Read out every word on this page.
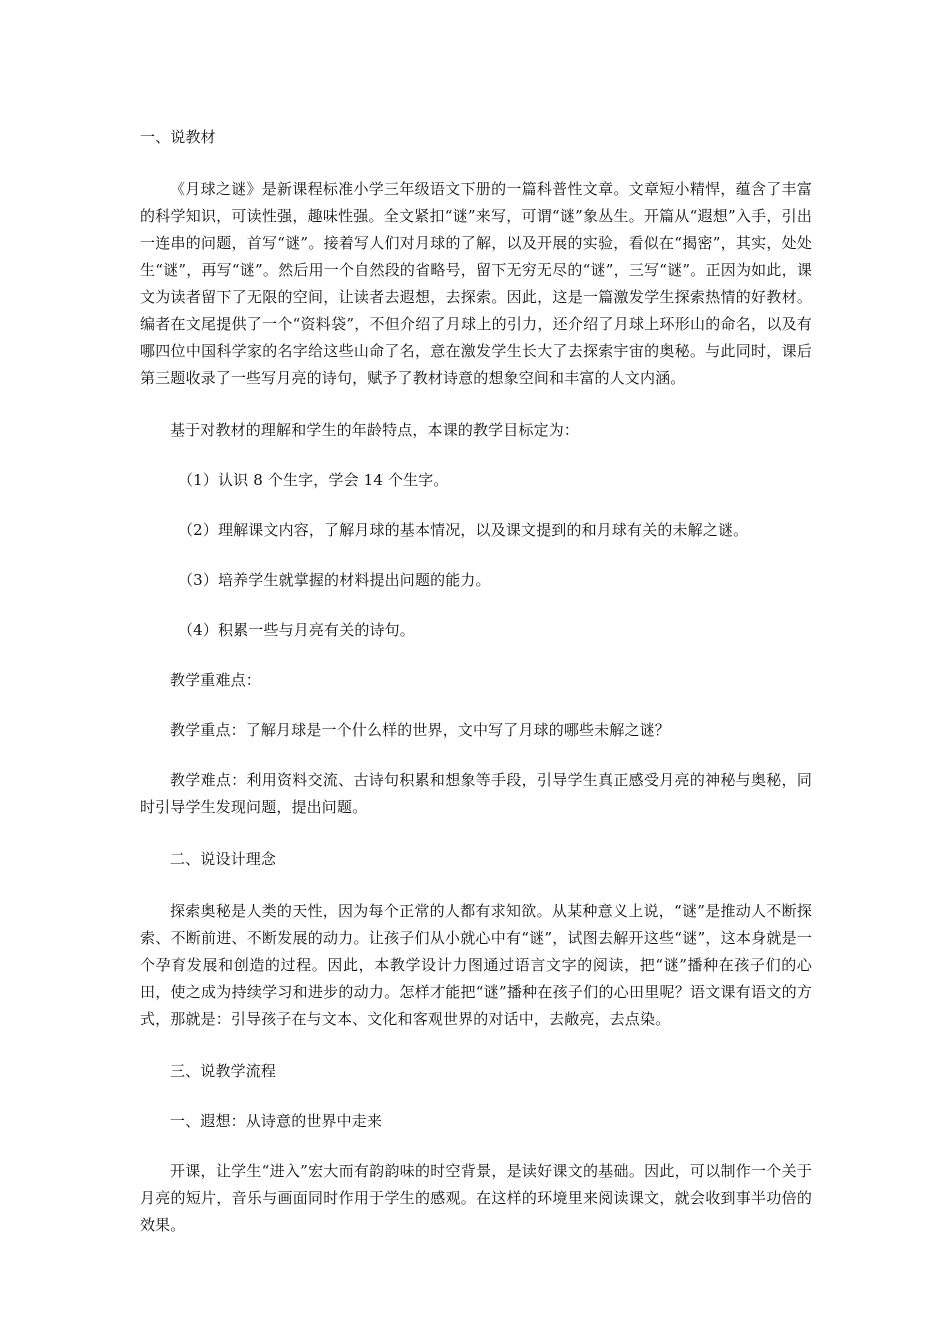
一、说教材

《月球之谜》是新课程标准小学三年级语文下册的一篇科普性文章。文章短小精悍，蕴含了丰富的科学知识，可读性强，趣味性强。全文紧扣“谜”来写，可谓“谜”象丛生。开篇从“遐想”入手，引出一连串的问题，首写“谜”。接着写人们对月球的了解，以及开展的实验，看似在“揭密”，其实，处处生“谜”，再写“谜”。然后用一个自然段的省略号，留下无穷无尽的“谜”，三写“谜”。正因为如此，课文为读者留下了无限的空间，让读者去遐想，去探索。因此，这是一篇激发学生探索热情的好教材。编者在文尾提供了一个“资料袋”，不但介绍了月球上的引力，还介绍了月球上环形山的命名，以及有哪四位中国科学家的名字给这些山命了名，意在激发学生长大了去探索宇宙的奥秘。与此同时，课后第三题收录了一些写月亮的诗句，赋予了教材诗意的想象空间和丰富的人文内涵。

基于对教材的理解和学生的年龄特点，本课的教学目标定为：

（1）认识 8 个生字，学会 14 个生字。

（2）理解课文内容，了解月球的基本情况，以及课文提到的和月球有关的未解之谜。

（3）培养学生就掌握的材料提出问题的能力。

（4）积累一些与月亮有关的诗句。

教学重难点：

教学重点：了解月球是一个什么样的世界，文中写了月球的哪些未解之谜？

教学难点：利用资料交流、古诗句积累和想象等手段，引导学生真正感受月亮的神秘与奥秘，同时引导学生发现问题，提出问题。

二、说设计理念

探索奥秘是人类的天性，因为每个正常的人都有求知欲。从某种意义上说，“谜”是推动人不断探索、不断前进、不断发展的动力。让孩子们从小就心中有“谜”，试图去解开这些“谜”，这本身就是一个孕育发展和创造的过程。因此，本教学设计力图通过语言文字的阅读，把“谜”播种在孩子们的心田，使之成为持续学习和进步的动力。怎样才能把“谜”播种在孩子们的心田里呢？语文课有语文的方式，那就是：引导孩子在与文本、文化和客观世界的对话中，去敞亮，去点染。

三、说教学流程

一、遐想：从诗意的世界中走来

开课，让学生“进入”宏大而有韵韵味的时空背景，是读好课文的基础。因此，可以制作一个关于月亮的短片，音乐与画面同时作用于学生的感观。在这样的环境里来阅读课文，就会收到事半功倍的效果。
